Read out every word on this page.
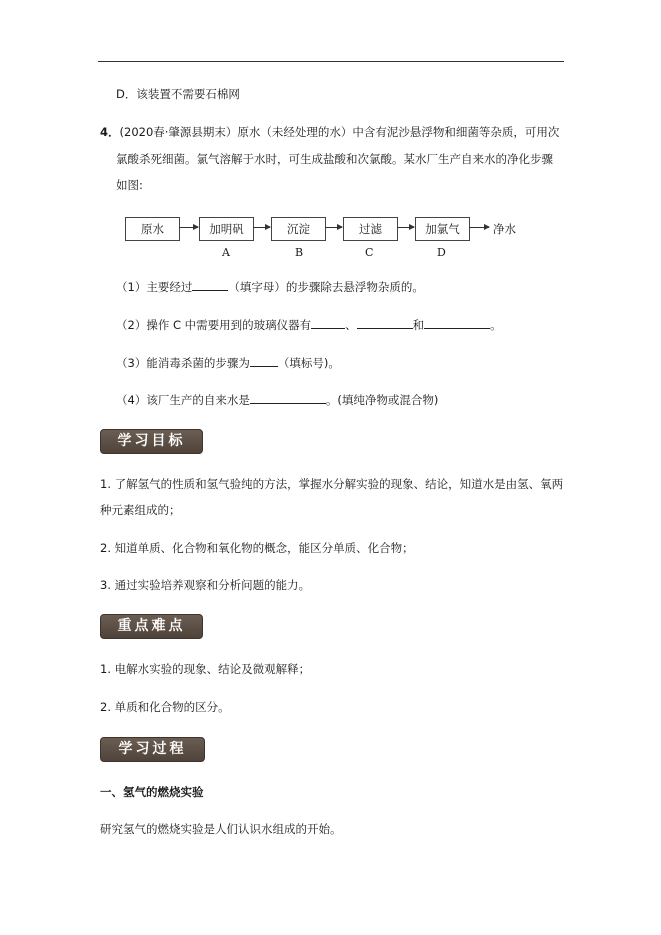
D．该装置不需要石棉网
4．(2020春·肇源县期末）原水（未经处理的水）中含有泥沙悬浮物和细菌等杂质，可用次
氯酸杀死细菌。氯气溶解于水时，可生成盐酸和次氯酸。某水厂生产自来水的净化步骤
如图:
原水	加明矾	沉淀	过滤	加氯气	净水
A	B	C	D
（1）主要经过	（填字母）的步骤除去悬浮物杂质的。
（2）操作 C 中需要用到的玻璃仪器有	、	和	。
（3）能消毒杀菌的步骤为 （填标号)。
（4）该厂生产的自来水是	。(填纯净物或混合物)
学习目标
1. 了解氢气的性质和氢气验纯的方法，掌握水分解实验的现象、结论，知道水是由氢、氧两
种元素组成的；
2. 知道单质、化合物和氧化物的概念，能区分单质、化合物；
3. 通过实验培养观察和分析问题的能力。
重点难点
1. 电解水实验的现象、结论及微观解释；
2. 单质和化合物的区分。
学习过程
一、氢气的燃烧实验
研究氢气的燃烧实验是人们认识水组成的开始。
